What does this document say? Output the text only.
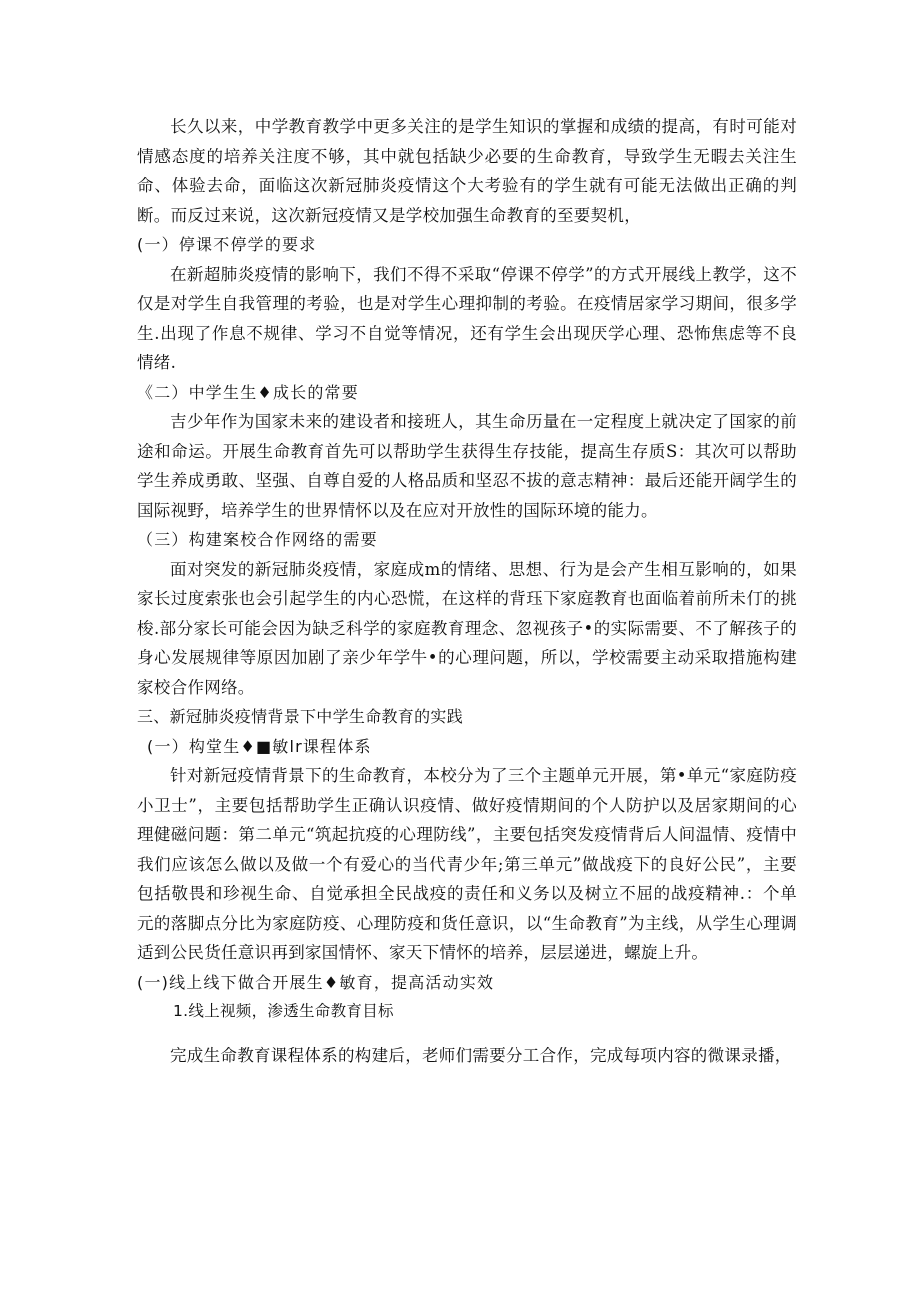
长久以来，中学教育教学中更多关注的是学生知识的掌握和成绩的提高，有时可能对情感态度的培养关注度不够，其中就包括缺少必要的生命教育，导致学生无暇去关注生命、体验去命，面临这次新冠肺炎疫情这个大考验有的学生就有可能无法做出正确的判断。而反过来说，这次新冠疫情又是学校加强生命教育的至要契机，

(一）停课不停学的要求

在新超肺炎疫情的影响下，我们不得不采取“停课不停学”的方式开展线上教学，这不仅是对学生自我管理的考验，也是对学生心理抑制的考验。在疫情居家学习期间，很多学生.出现了作息不规律、学习不自觉等情况，还有学生会出现厌学心理、恐怖焦虑等不良情绪.

《二）中学生生♦成长的常要

吉少年作为国家未来的建设者和接班人，其生命历量在一定程度上就决定了国家的前途和命运。开展生命教育首先可以帮助学生获得生存技能，提高生存质S：其次可以帮助学生养成勇敢、坚强、自尊自爱的人格品质和坚忍不拔的意志精神：最后还能开阔学生的国际视野，培养学生的世界情怀以及在应对开放性的国际环境的能力。

（三）构建案校合作网络的需要

面对突发的新冠肺炎疫情，家庭成m的情绪、思想、行为是会产生相互影响的，如果家长过度索张也会引起学生的内心恐慌，在这样的背珏下家庭教育也面临着前所未仃的挑梭.部分家长可能会因为缺乏科学的家庭教育理念、忽视孩子•的实际需要、不了解孩子的身心发展规律等原因加剧了亲少年学牛•的心理问题，所以，学校需要主动采取措施构建家校合作网络。

三、新冠肺炎疫情背景下中学生命教育的实践

(一）构堂生♦■敏lr课程体系

针对新冠疫情背景下的生命教育，本校分为了三个主题单元开展，第•单元“家庭防疫小卫士”，主要包括帮助学生正确认识疫情、做好疫情期间的个人防护以及居家期间的心理健磁问题：第二单元“筑起抗疫的心理防线”，主要包括突发疫情背后人间温情、疫情中我们应该怎么做以及做一个有爱心的当代青少年;第三单元”做战疫下的良好公民”，主要包括敬畏和珍视生命、自觉承担全民战疫的责任和义务以及树立不屈的战疫精神.：个单元的落脚点分比为家庭防疫、心理防疫和货任意识，以“生命教育”为主线，从学生心理调适到公民货任意识再到家国情怀、家天下情怀的培养，层层递进，螺旋上升。

(一)线上线下做合开展生♦敏育，提高活动实效

1.线上视频，渗透生命教育目标

完成生命教育课程体系的构建后，老师们需要分工合作，完成每项内容的微课录播，
